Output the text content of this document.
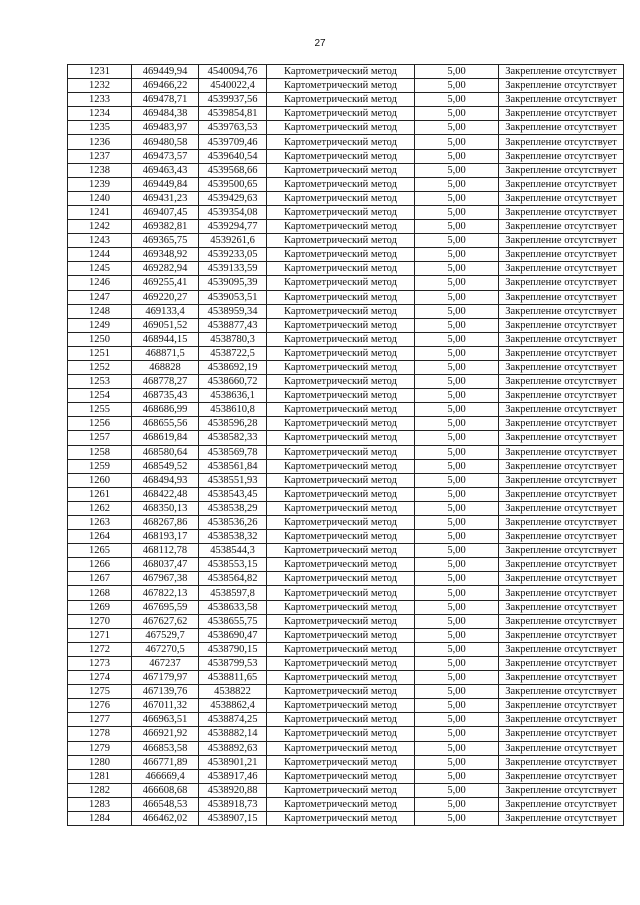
27
1231	469449,94	4540094,76	Картометрический метод	5,00	Закрепление отсутствует
1232	469466,22	4540022,4	Картометрический метод	5,00	Закрепление отсутствует
1233	469478,71	4539937,56	Картометрический метод	5,00	Закрепление отсутствует
1234	469484,38	4539854,81	Картометрический метод	5,00	Закрепление отсутствует
1235	469483,97	4539763,53	Картометрический метод	5,00	Закрепление отсутствует
1236	469480,58	4539709,46	Картометрический метод	5,00	Закрепление отсутствует
1237	469473,57	4539640,54	Картометрический метод	5,00	Закрепление отсутствует
1238	469463,43	4539568,66	Картометрический метод	5,00	Закрепление отсутствует
1239	469449,84	4539500,65	Картометрический метод	5,00	Закрепление отсутствует
1240	469431,23	4539429,63	Картометрический метод	5,00	Закрепление отсутствует
1241	469407,45	4539354,08	Картометрический метод	5,00	Закрепление отсутствует
1242	469382,81	4539294,77	Картометрический метод	5,00	Закрепление отсутствует
1243	469365,75	4539261,6	Картометрический метод	5,00	Закрепление отсутствует
1244	469348,92	4539233,05	Картометрический метод	5,00	Закрепление отсутствует
1245	469282,94	4539133,59	Картометрический метод	5,00	Закрепление отсутствует
1246	469255,41	4539095,39	Картометрический метод	5,00	Закрепление отсутствует
1247	469220,27	4539053,51	Картометрический метод	5,00	Закрепление отсутствует
1248	469133,4	4538959,34	Картометрический метод	5,00	Закрепление отсутствует
1249	469051,52	4538877,43	Картометрический метод	5,00	Закрепление отсутствует
1250	468944,15	4538780,3	Картометрический метод	5,00	Закрепление отсутствует
1251	468871,5	4538722,5	Картометрический метод	5,00	Закрепление отсутствует
1252	468828	4538692,19	Картометрический метод	5,00	Закрепление отсутствует
1253	468778,27	4538660,72	Картометрический метод	5,00	Закрепление отсутствует
1254	468735,43	4538636,1	Картометрический метод	5,00	Закрепление отсутствует
1255	468686,99	4538610,8	Картометрический метод	5,00	Закрепление отсутствует
1256	468655,56	4538596,28	Картометрический метод	5,00	Закрепление отсутствует
1257	468619,84	4538582,33	Картометрический метод	5,00	Закрепление отсутствует
1258	468580,64	4538569,78	Картометрический метод	5,00	Закрепление отсутствует
1259	468549,52	4538561,84	Картометрический метод	5,00	Закрепление отсутствует
1260	468494,93	4538551,93	Картометрический метод	5,00	Закрепление отсутствует
1261	468422,48	4538543,45	Картометрический метод	5,00	Закрепление отсутствует
1262	468350,13	4538538,29	Картометрический метод	5,00	Закрепление отсутствует
1263	468267,86	4538536,26	Картометрический метод	5,00	Закрепление отсутствует
1264	468193,17	4538538,32	Картометрический метод	5,00	Закрепление отсутствует
1265	468112,78	4538544,3	Картометрический метод	5,00	Закрепление отсутствует
1266	468037,47	4538553,15	Картометрический метод	5,00	Закрепление отсутствует
1267	467967,38	4538564,82	Картометрический метод	5,00	Закрепление отсутствует
1268	467822,13	4538597,8	Картометрический метод	5,00	Закрепление отсутствует
1269	467695,59	4538633,58	Картометрический метод	5,00	Закрепление отсутствует
1270	467627,62	4538655,75	Картометрический метод	5,00	Закрепление отсутствует
1271	467529,7	4538690,47	Картометрический метод	5,00	Закрепление отсутствует
1272	467270,5	4538790,15	Картометрический метод	5,00	Закрепление отсутствует
1273	467237	4538799,53	Картометрический метод	5,00	Закрепление отсутствует
1274	467179,97	4538811,65	Картометрический метод	5,00	Закрепление отсутствует
1275	467139,76	4538822	Картометрический метод	5,00	Закрепление отсутствует
1276	467011,32	4538862,4	Картометрический метод	5,00	Закрепление отсутствует
1277	466963,51	4538874,25	Картометрический метод	5,00	Закрепление отсутствует
1278	466921,92	4538882,14	Картометрический метод	5,00	Закрепление отсутствует
1279	466853,58	4538892,63	Картометрический метод	5,00	Закрепление отсутствует
1280	466771,89	4538901,21	Картометрический метод	5,00	Закрепление отсутствует
1281	466669,4	4538917,46	Картометрический метод	5,00	Закрепление отсутствует
1282	466608,68	4538920,88	Картометрический метод	5,00	Закрепление отсутствует
1283	466548,53	4538918,73	Картометрический метод	5,00	Закрепление отсутствует
1284	466462,02	4538907,15	Картометрический метод	5,00	Закрепление отсутствует
